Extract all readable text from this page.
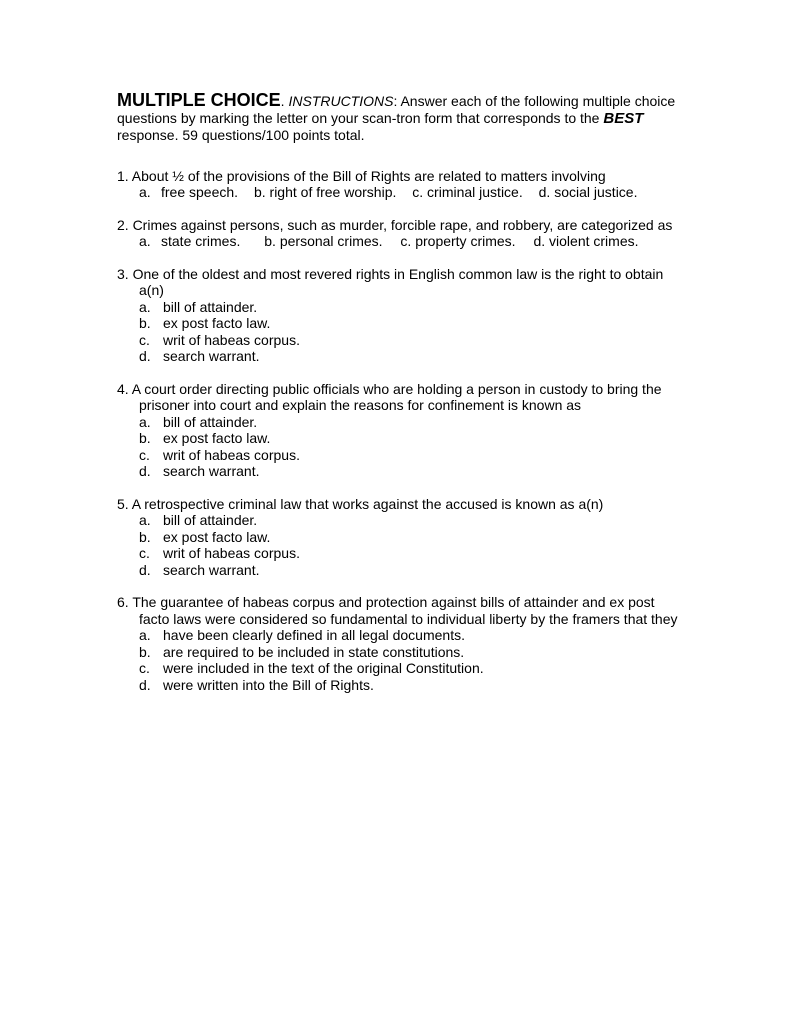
MULTIPLE CHOICE. INSTRUCTIONS: Answer each of the following multiple choice questions by marking the letter on your scan-tron form that corresponds to the BEST response. 59 questions/100 points total.
1. About ½ of the provisions of the Bill of Rights are related to matters involving
a. free speech. b. right of free worship. c. criminal justice. d. social justice.
2. Crimes against persons, such as murder, forcible rape, and robbery, are categorized as
a. state crimes. b. personal crimes. c. property crimes. d. violent crimes.
3. One of the oldest and most revered rights in English common law is the right to obtain a(n)
a. bill of attainder.
b. ex post facto law.
c. writ of habeas corpus.
d. search warrant.
4. A court order directing public officials who are holding a person in custody to bring the prisoner into court and explain the reasons for confinement is known as
a. bill of attainder.
b. ex post facto law.
c. writ of habeas corpus.
d. search warrant.
5. A retrospective criminal law that works against the accused is known as a(n)
a. bill of attainder.
b. ex post facto law.
c. writ of habeas corpus.
d. search warrant.
6. The guarantee of habeas corpus and protection against bills of attainder and ex post facto laws were considered so fundamental to individual liberty by the framers that they
a. have been clearly defined in all legal documents.
b. are required to be included in state constitutions.
c. were included in the text of the original Constitution.
d. were written into the Bill of Rights.
